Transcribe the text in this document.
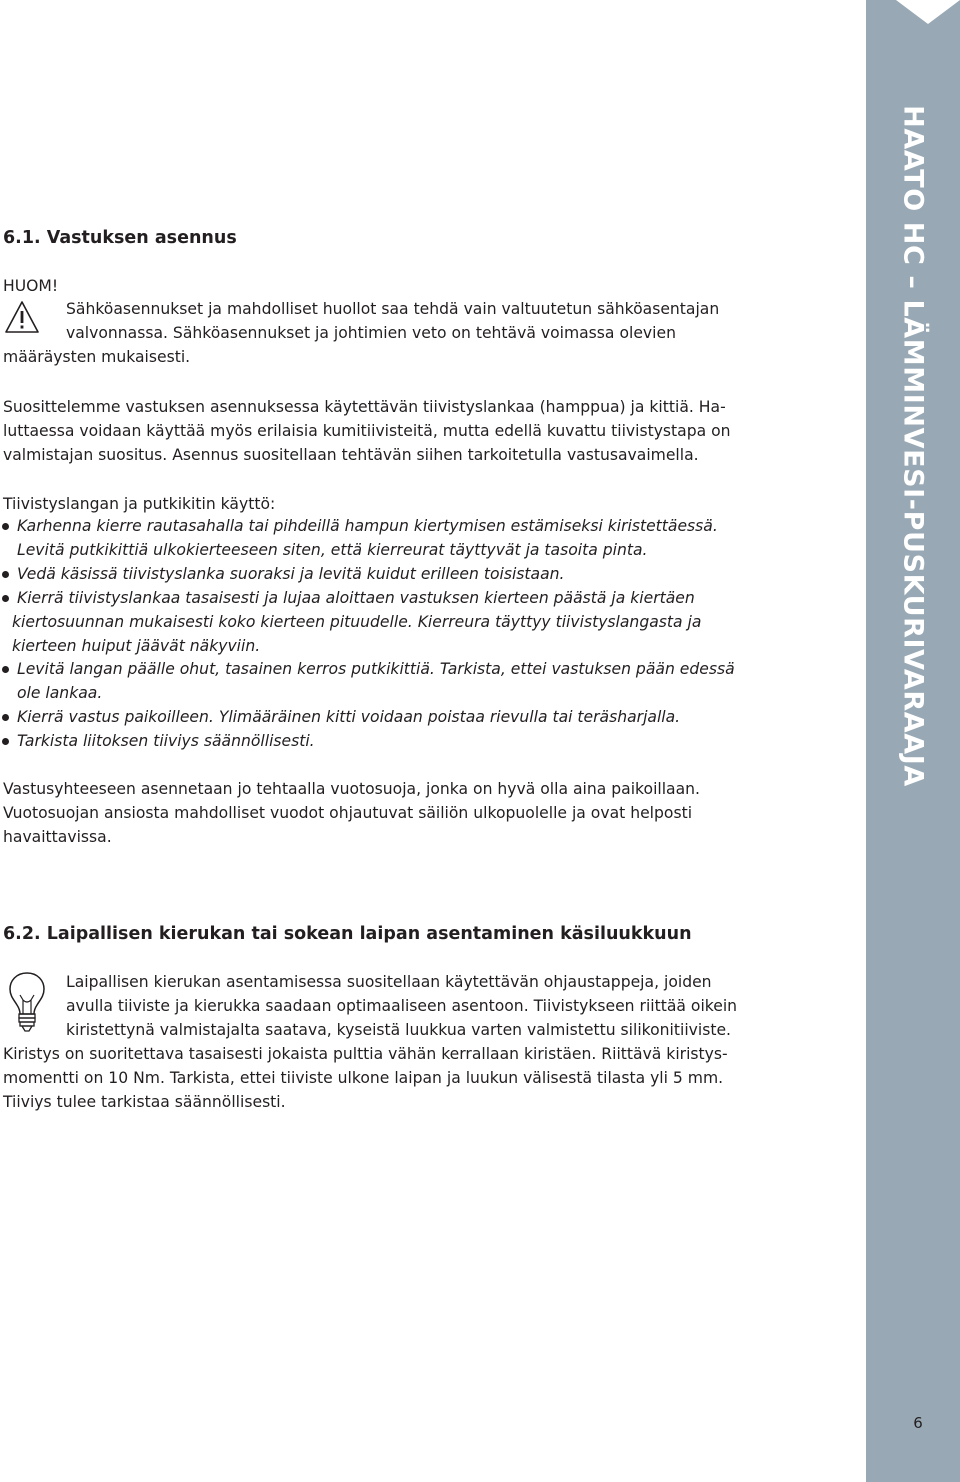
HAATO HC – LÄMMINVESI-PUSKURIVARAAJA
6.1. Vastuksen asennus
HUOM!
Sähköasennukset ja mahdolliset huollot saa tehdä vain valtuutetun sähköasentajan
valvonnassa. Sähköasennukset ja johtimien veto on tehtävä voimassa olevien
määräysten mukaisesti.
Suosittelemme vastuksen asennuksessa käytettävän tiivistyslankaa (hamppua) ja kittiä. Ha-
luttaessa voidaan käyttää myös erilaisia kumitiivisteitä, mutta edellä kuvattu tiivistystapa on
valmistajan suositus. Asennus suositellaan tehtävän siihen tarkoitetulla vastusavaimella.
Tiivistyslangan ja putkikitin käyttö:
Karhenna kierre rautasahalla tai pihdeillä hampun kiertymisen estämiseksi kiristettäessä.
Levitä putkikittiä ulkokierteeseen siten, että kierreurat täyttyvät ja tasoita pinta.
Vedä käsissä tiivistyslanka suoraksi ja levitä kuidut erilleen toisistaan.
Kierrä tiivistyslankaa tasaisesti ja lujaa aloittaen vastuksen kierteen päästä ja kiertäen
kiertosuunnan mukaisesti koko kierteen pituudelle. Kierreura täyttyy tiivistyslangasta ja
kierteen huiput jäävät näkyviin.
Levitä langan päälle ohut, tasainen kerros putkikittiä. Tarkista, ettei vastuksen pään edessä
ole lankaa.
Kierrä vastus paikoilleen. Ylimääräinen kitti voidaan poistaa rievulla tai teräsharjalla.
Tarkista liitoksen tiiviys säännöllisesti.
Vastusyhteeseen asennetaan jo tehtaalla vuotosuoja, jonka on hyvä olla aina paikoillaan.
Vuotosuojan ansiosta mahdolliset vuodot ohjautuvat säiliön ulkopuolelle ja ovat helposti
havaittavissa.
6.2. Laipallisen kierukan tai sokean laipan asentaminen käsiluukkuun
Laipallisen kierukan asentamisessa suositellaan käytettävän ohjaustappeja, joiden
avulla tiiviste ja kierukka saadaan optimaaliseen asentoon. Tiivistykseen riittää oikein
kiristettynä valmistajalta saatava, kyseistä luukkua varten valmistettu silikonitiiviste.
Kiristys on suoritettava tasaisesti jokaista pulttia vähän kerrallaan kiristäen. Riittävä kiristys-
momentti on 10 Nm. Tarkista, ettei tiiviste ulkone laipan ja luukun välisestä tilasta yli 5 mm.
Tiiviys tulee tarkistaa säännöllisesti.
6
